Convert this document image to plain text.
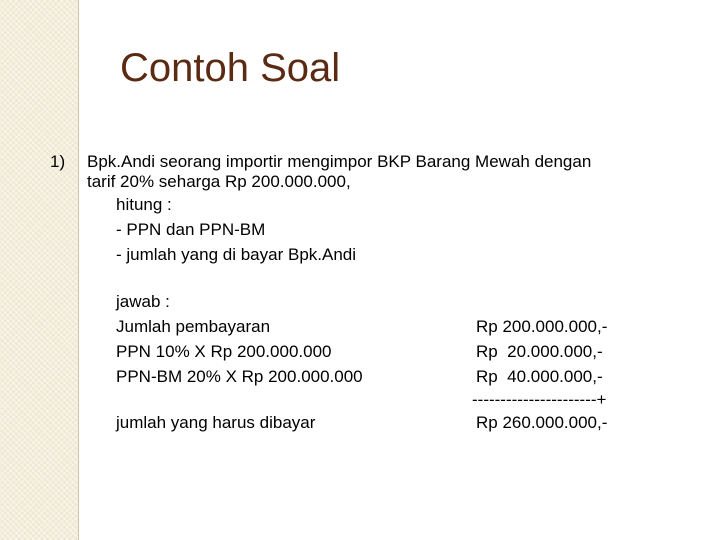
Contoh Soal
1) Bpk.Andi seorang importir mengimpor BKP Barang Mewah dengan
tarif 20% seharga Rp 200.000.000,
hitung :
- PPN dan PPN-BM
- jumlah yang di bayar Bpk.Andi
jawab :
Jumlah pembayaran	Rp 200.000.000,-
PPN 10% X Rp 200.000.000	Rp  20.000.000,-
PPN-BM 20% X Rp 200.000.000	Rp  40.000.000,-
----------------------+
jumlah yang harus dibayar	Rp 260.000.000,-
